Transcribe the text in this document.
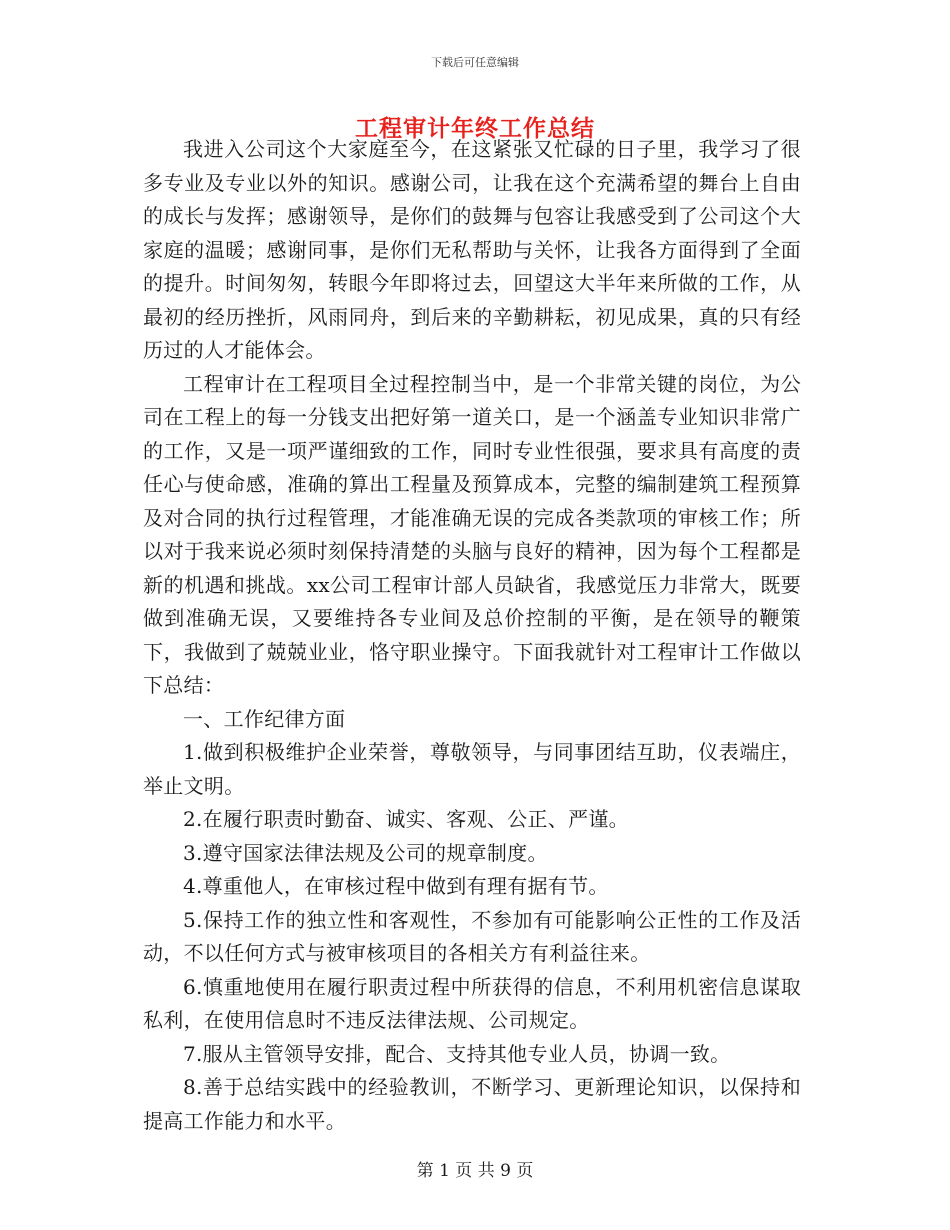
下载后可任意编辑
工程审计年终工作总结

我进入公司这个大家庭至今，在这紧张又忙碌的日子里，我学习了很多专业及专业以外的知识。感谢公司，让我在这个充满希望的舞台上自由的成长与发挥；感谢领导，是你们的鼓舞与包容让我感受到了公司这个大家庭的温暖；感谢同事，是你们无私帮助与关怀，让我各方面得到了全面的提升。时间匆匆，转眼今年即将过去，回望这大半年来所做的工作，从最初的经历挫折，风雨同舟，到后来的辛勤耕耘，初见成果，真的只有经历过的人才能体会。

工程审计在工程项目全过程控制当中，是一个非常关键的岗位，为公司在工程上的每一分钱支出把好第一道关口，是一个涵盖专业知识非常广的工作，又是一项严谨细致的工作，同时专业性很强，要求具有高度的责任心与使命感，准确的算出工程量及预算成本，完整的编制建筑工程预算及对合同的执行过程管理，才能准确无误的完成各类款项的审核工作；所以对于我来说必须时刻保持清楚的头脑与良好的精神，因为每个工程都是新的机遇和挑战。xx公司工程审计部人员缺省，我感觉压力非常大，既要做到准确无误，又要维持各专业间及总价控制的平衡，是在领导的鞭策下，我做到了兢兢业业，恪守职业操守。下面我就针对工程审计工作做以下总结：

一、工作纪律方面

1.做到积极维护企业荣誉，尊敬领导，与同事团结互助，仪表端庄，举止文明。

2.在履行职责时勤奋、诚实、客观、公正、严谨。

3.遵守国家法律法规及公司的规章制度。

4.尊重他人，在审核过程中做到有理有据有节。

5.保持工作的独立性和客观性，不参加有可能影响公正性的工作及活动，不以任何方式与被审核项目的各相关方有利益往来。

6.慎重地使用在履行职责过程中所获得的信息，不利用机密信息谋取私利，在使用信息时不违反法律法规、公司规定。

7.服从主管领导安排，配合、支持其他专业人员，协调一致。

8.善于总结实践中的经验教训，不断学习、更新理论知识，以保持和提高工作能力和水平。

第 1 页 共 9 页
